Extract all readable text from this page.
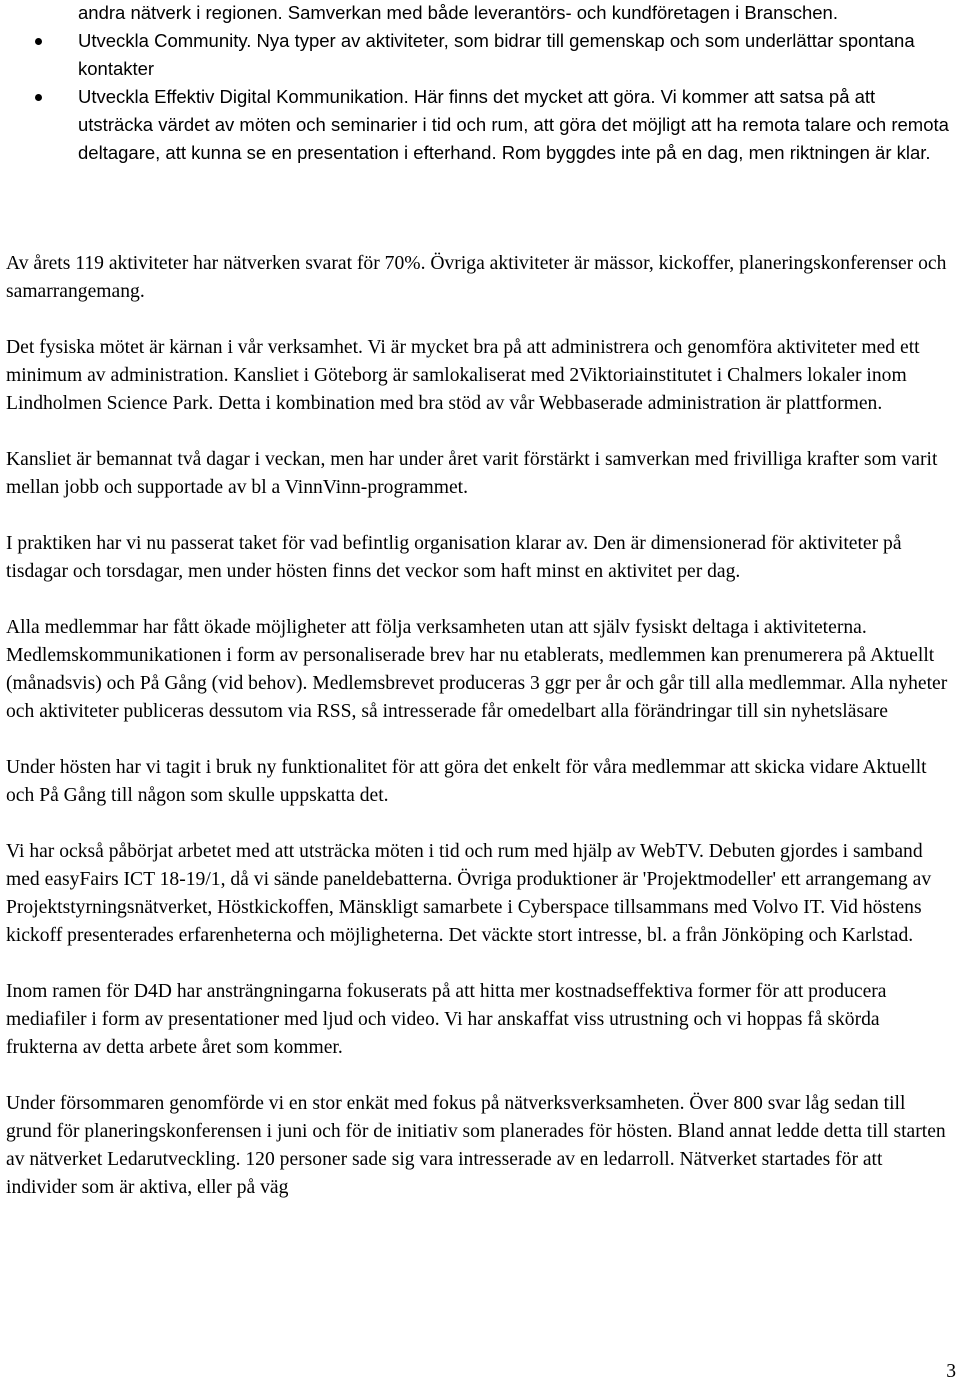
andra nätverk i regionen. Samverkan med både leverantörs- och kundföretagen i Branschen.
Utveckla Community. Nya typer av aktiviteter, som bidrar till gemenskap och som underlättar spontana kontakter
Utveckla Effektiv Digital Kommunikation. Här finns det mycket att göra. Vi kommer att satsa på att utsträcka värdet av möten och seminarier i tid och rum, att göra det möjligt att ha remota talare och remota deltagare, att kunna se en presentation i efterhand. Rom byggdes inte på en dag, men riktningen är klar.

Av årets 119 aktiviteter har nätverken svarat för 70%. Övriga aktiviteter är mässor, kickoffer, planeringskonferenser och samarrangemang.

Det fysiska mötet är kärnan i vår verksamhet. Vi är mycket bra på att administrera och genomföra aktiviteter med ett minimum av administration. Kansliet i Göteborg är samlokaliserat med 2Viktoriainstitutet i Chalmers lokaler inom Lindholmen Science Park. Detta i kombination med bra stöd av vår Webbaserade administration är plattformen.

Kansliet är bemannat två dagar i veckan, men har under året varit förstärkt i samverkan med frivilliga krafter som varit mellan jobb och supportade av bl a VinnVinn-programmet.

I praktiken har vi nu passerat taket för vad befintlig organisation klarar av. Den är dimensionerad för aktiviteter på tisdagar och torsdagar, men under hösten finns det veckor som haft minst en aktivitet per dag.

Alla medlemmar har fått ökade möjligheter att följa verksamheten utan att själv fysiskt deltaga i aktiviteterna. Medlemskommunikationen i form av personaliserade brev har nu etablerats, medlemmen kan prenumerera på Aktuellt (månadsvis) och På Gång (vid behov). Medlemsbrevet produceras 3 ggr per år och går till alla medlemmar. Alla nyheter och aktiviteter publiceras dessutom via RSS, så intresserade får omedelbart alla förändringar till sin nyhetsläsare

Under hösten har vi tagit i bruk ny funktionalitet för att göra det enkelt för våra medlemmar att skicka vidare Aktuellt och På Gång till någon som skulle uppskatta det.

Vi har också påbörjat arbetet med att utsträcka möten i tid och rum med hjälp av WebTV. Debuten gjordes i samband med easyFairs ICT 18-19/1, då vi sände paneldebatterna. Övriga produktioner är 'Projektmodeller' ett arrangemang av Projektstyrningsnätverket, Höstkickoffen, Mänskligt samarbete i Cyberspace tillsammans med Volvo IT. Vid höstens kickoff presenterades erfarenheterna och möjligheterna. Det väckte stort intresse, bl. a från Jönköping och Karlstad.

Inom ramen för D4D har ansträngningarna fokuserats på att hitta mer kostnadseffektiva former för att producera mediafiler i form av presentationer med ljud och video. Vi har anskaffat viss utrustning och vi hoppas få skörda frukterna av detta arbete året som kommer.

Under försommaren genomförde vi en stor enkät med fokus på nätverksverksamheten. Över 800 svar låg sedan till grund för planeringskonferensen i juni och för de initiativ som planerades för hösten. Bland annat ledde detta till starten av nätverket Ledarutveckling. 120 personer sade sig vara intresserade av en ledarroll. Nätverket startades för att individer som är aktiva, eller på väg

3
